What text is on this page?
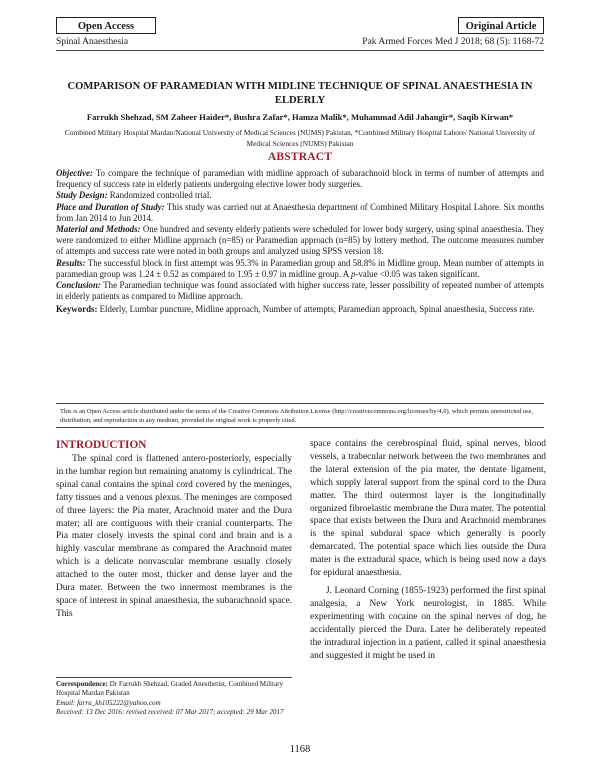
Open Access	Original Article
Spinal Anaesthesia	Pak Armed Forces Med J 2018; 68 (5): 1168-72
COMPARISON OF PARAMEDIAN WITH MIDLINE TECHNIQUE OF SPINAL ANAESTHESIA IN ELDERLY
Farrukh Shehzad, SM Zaheer Haider*, Bushra Zafar*, Hamza Malik*, Muhammad Adil Jahangir*, Saqib Kirwan*
Combined Military Hospital Mardan/National University of Medical Sciences (NUMS) Pakistan, *Combined Military Hospital Lahore/ National University of Medical Sciences (NUMS) Pakistan
ABSTRACT

Objective: To compare the technique of paramedian with midline approach of subarachnoid block in terms of number of attempts and frequency of success rate in elderly patients undergoing elective lower body surgeries.

Study Design: Randomized controlled trial.

Place and Duration of Study: This study was carried out at Anaesthesia department of Combined Military Hospital Lahore. Six months from Jan 2014 to Jun 2014.

Material and Methods: One hundred and seventy elderly patients were scheduled for lower body surgery, using spinal anaesthesia. They were randomized to either Midline approach (n=85) or Paramedian approach (n=85) by lottery method. The outcome measures number of attempts and success rate were noted in both groups and analyzed using SPSS version 18.

Results: The successful block in first attempt was 95.3% in Paramedian group and 58.8% in Midline group. Mean number of attempts in paramedian group was 1.24 ± 0.52 as compared to 1.95 ± 0.97 in midline group. A p-value <0.05 was taken significant.

Conclusion: The Paramedian technique was found associated with higher success rate, lesser possibility of repeated number of attempts in elderly patients as compared to Midline approach.

Keywords: Elderly, Lumbar puncture, Midline approach, Number of attempts, Paramedian approach, Spinal anaesthesia, Success rate.

This is an Open Access article distributed under the terms of the Creative Commons Attribution License (http://creativecommons.org/licenses/by/4.0), which permits unrestricted use, distribution, and reproduction in any medium, provided the original work is properly cited.
INTRODUCTION

The spinal cord is flattened antero-posteriorly, especially in the lumbar region but remaining anatomy is cylindrical. The spinal canal contains the spinal cord covered by the meninges, fatty tissues and a venous plexus. The meninges are composed of three layers: the Pia mater, Arachnoid mater and the Dura mater; all are contiguous with their cranial counterparts. The Pia mater closely invests the spinal cord and brain and is a highly vascular membrane as compared the Arachnoid mater which is a delicate nonvascular membrane usually closely attached to the outer most, thicker and dense layer and the Dura mater. Between the two innermost membranes is the space of interest in spinal anaesthesia, the subarachnoid space. This

space contains the cerebrospinal fluid, spinal nerves, blood vessels, a trabecular network between the two membranes and the lateral extension of the pia mater, the dentate ligament, which supply lateral support from the spinal cord to the Dura matter. The third outermost layer is the longitudinally organized fibroelastic membrane the Dura mater. The potential space that exists between the Dura and Arachnoid membranes is the spinal subdural space which generally is poorly demarcated. The potential space which lies outside the Dura mater is the extradural space, which is being used now a days for epidural anaesthesia.

J. Leonard Corning (1855-1923) performed the first spinal analgesia, a New York neurologist, in 1885. While experimenting with cocaine on the spinal nerves of dog, he accidentally pierced the Dura. Later he deliberately repeated the intradural injection in a patient, called it spinal anaesthesia and suggested it might be used in

Correspondence: Dr Farrukh Shehzad, Graded Anesthetist, Combined Military Hospital Mardan Pakistan
Email: farru_kh105222@yahoo.com
Received: 13 Dec 2016; revised received: 07 Mar 2017; accepted: 29 Mar 2017
1168
